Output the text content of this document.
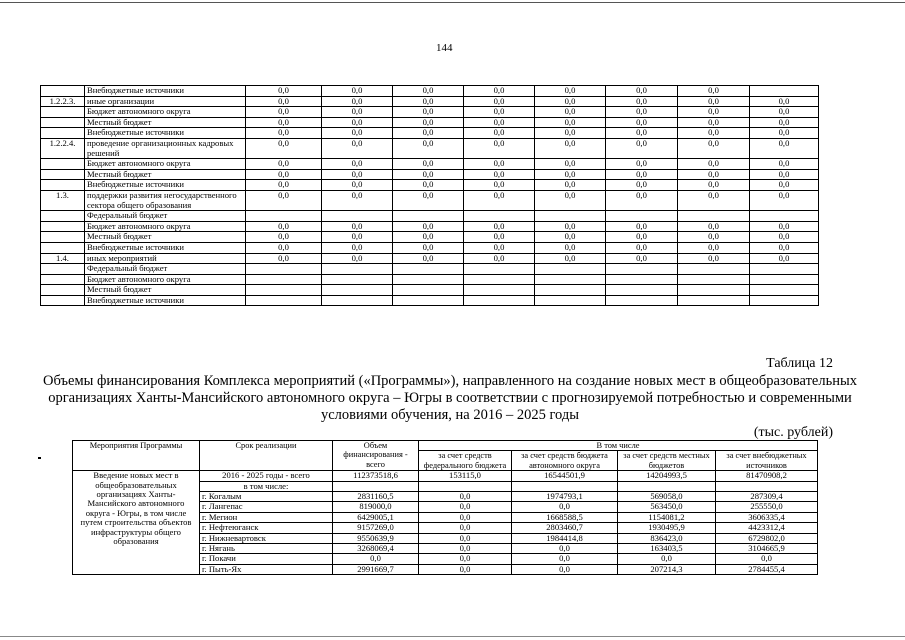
144
	Внебюджетные источники	0,0	0,0	0,0	0,0	0,0	0,0	0,0	
1.2.2.3.	иные организации	0,0	0,0	0,0	0,0	0,0	0,0	0,0	0,0
	Бюджет автономного округа	0,0	0,0	0,0	0,0	0,0	0,0	0,0	0,0
	Местный бюджет	0,0	0,0	0,0	0,0	0,0	0,0	0,0	0,0
	Внебюджетные источники	0,0	0,0	0,0	0,0	0,0	0,0	0,0	0,0
1.2.2.4.	проведение организационных кадровых решений	0,0	0,0	0,0	0,0	0,0	0,0	0,0	0,0
	Бюджет автономного округа	0,0	0,0	0,0	0,0	0,0	0,0	0,0	0,0
	Местный бюджет	0,0	0,0	0,0	0,0	0,0	0,0	0,0	0,0
	Внебюджетные источники	0,0	0,0	0,0	0,0	0,0	0,0	0,0	0,0
1.3.	поддержки развития негосударственного сектора общего образования	0,0	0,0	0,0	0,0	0,0	0,0	0,0	0,0
	Федеральный бюджет								
	Бюджет автономного округа	0,0	0,0	0,0	0,0	0,0	0,0	0,0	0,0
	Местный бюджет	0,0	0,0	0,0	0,0	0,0	0,0	0,0	0,0
	Внебюджетные источники	0,0	0,0	0,0	0,0	0,0	0,0	0,0	0,0
1.4.	иных мероприятий	0,0	0,0	0,0	0,0	0,0	0,0	0,0	0,0
	Федеральный бюджет								
	Бюджет автономного округа								
	Местный бюджет								
	Внебюджетные источники								
Таблица 12
Объемы финансирования Комплекса мероприятий («Программы»), направленного на создание новых мест в общеобразовательных организациях Ханты-Мансийского автономного округа – Югры в соответствии с прогнозируемой потребностью и современными условиями обучения, на 2016 – 2025 годы
(тыс. рублей)
Мероприятия Программы	Срок реализации	Объем финансирования - всего	В том числе			
			за счет средств федерального бюджета	за счет средств бюджета автономного округа	за счет средств местных бюджетов	за счет внебюджетных источников
Введение новых мест в общеобразовательных организациях Ханты-Мансийского автономного округа - Югры, в том числе путем строительства объектов инфраструктуры общего образования	2016 - 2025 годы - всего	112373518,6	153115,0	16544501,9	14204993,5	81470908,2
	в том числе:					
	г. Когалым	2831160,5	0,0	1974793,1	569058,0	287309,4
	г. Лангепас	819000,0	0,0	0,0	563450,0	255550,0
	г. Мегион	6429005,1	0,0	1668588,5	1154081,2	3606335,4
	г. Нефтеюганск	9157269,0	0,0	2803460,7	1930495,9	4423312,4
	г. Нижневартовск	9550639,9	0,0	1984414,8	836423,0	6729802,0
	г. Нягань	3268069,4	0,0	0,0	163403,5	3104665,9
	г. Покачи	0,0	0,0	0,0	0,0	0,0
	г. Пыть-Ях	2991669,7	0,0	0,0	207214,3	2784455,4
